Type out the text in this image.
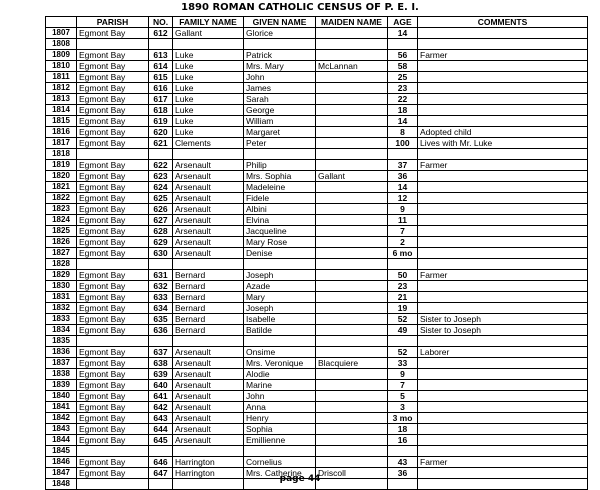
1890 ROMAN CATHOLIC CENSUS OF P. E. I.
	PARISH	NO.	FAMILY NAME	GIVEN NAME	MAIDEN NAME	AGE	COMMENTS
1807	Egmont Bay	612	Gallant	Glorice		14	
1808							
1809	Egmont Bay	613	Luke	Patrick		56	Farmer
1810	Egmont Bay	614	Luke	Mrs. Mary	McLannan	58	
1811	Egmont Bay	615	Luke	John		25	
1812	Egmont Bay	616	Luke	James		23	
1813	Egmont Bay	617	Luke	Sarah		22	
1814	Egmont Bay	618	Luke	George		18	
1815	Egmont Bay	619	Luke	William		14	
1816	Egmont Bay	620	Luke	Margaret		8	Adopted child
1817	Egmont Bay	621	Clements	Peter		100	Lives with Mr. Luke
1818							
1819	Egmont Bay	622	Arsenault	Philip		37	Farmer
1820	Egmont Bay	623	Arsenault	Mrs. Sophia	Gallant	36	
1821	Egmont Bay	624	Arsenault	Madeleine		14	
1822	Egmont Bay	625	Arsenault	Fidele		12	
1823	Egmont Bay	626	Arsenault	Albini		9	
1824	Egmont Bay	627	Arsenault	Elvina		11	
1825	Egmont Bay	628	Arsenault	Jacqueline		7	
1826	Egmont Bay	629	Arsenault	Mary Rose		2	
1827	Egmont Bay	630	Arsenault	Denise		6 mo	
1828							
1829	Egmont Bay	631	Bernard	Joseph		50	Farmer
1830	Egmont Bay	632	Bernard	Azade		23	
1831	Egmont Bay	633	Bernard	Mary		21	
1832	Egmont Bay	634	Bernard	Joseph		19	
1833	Egmont Bay	635	Bernard	Isabelle		52	Sister to Joseph
1834	Egmont Bay	636	Bernard	Batilde		49	Sister to Joseph
1835							
1836	Egmont Bay	637	Arsenault	Onsime		52	Laborer
1837	Egmont Bay	638	Arsenault	Mrs. Veronique	Blacquiere	33	
1838	Egmont Bay	639	Arsenault	Alodie		9	
1839	Egmont Bay	640	Arsenault	Marine		7	
1840	Egmont Bay	641	Arsenault	John		5	
1841	Egmont Bay	642	Arsenault	Anna		3	
1842	Egmont Bay	643	Arsenault	Henry		3 mo	
1843	Egmont Bay	644	Arsenault	Sophia		18	
1844	Egmont Bay	645	Arsenault	Emillienne		16	
1845							
1846	Egmont Bay	646	Harrington	Cornelius		43	Farmer
1847	Egmont Bay	647	Harrington	Mrs. Catherine	Driscoll	36	
1848								page 44
